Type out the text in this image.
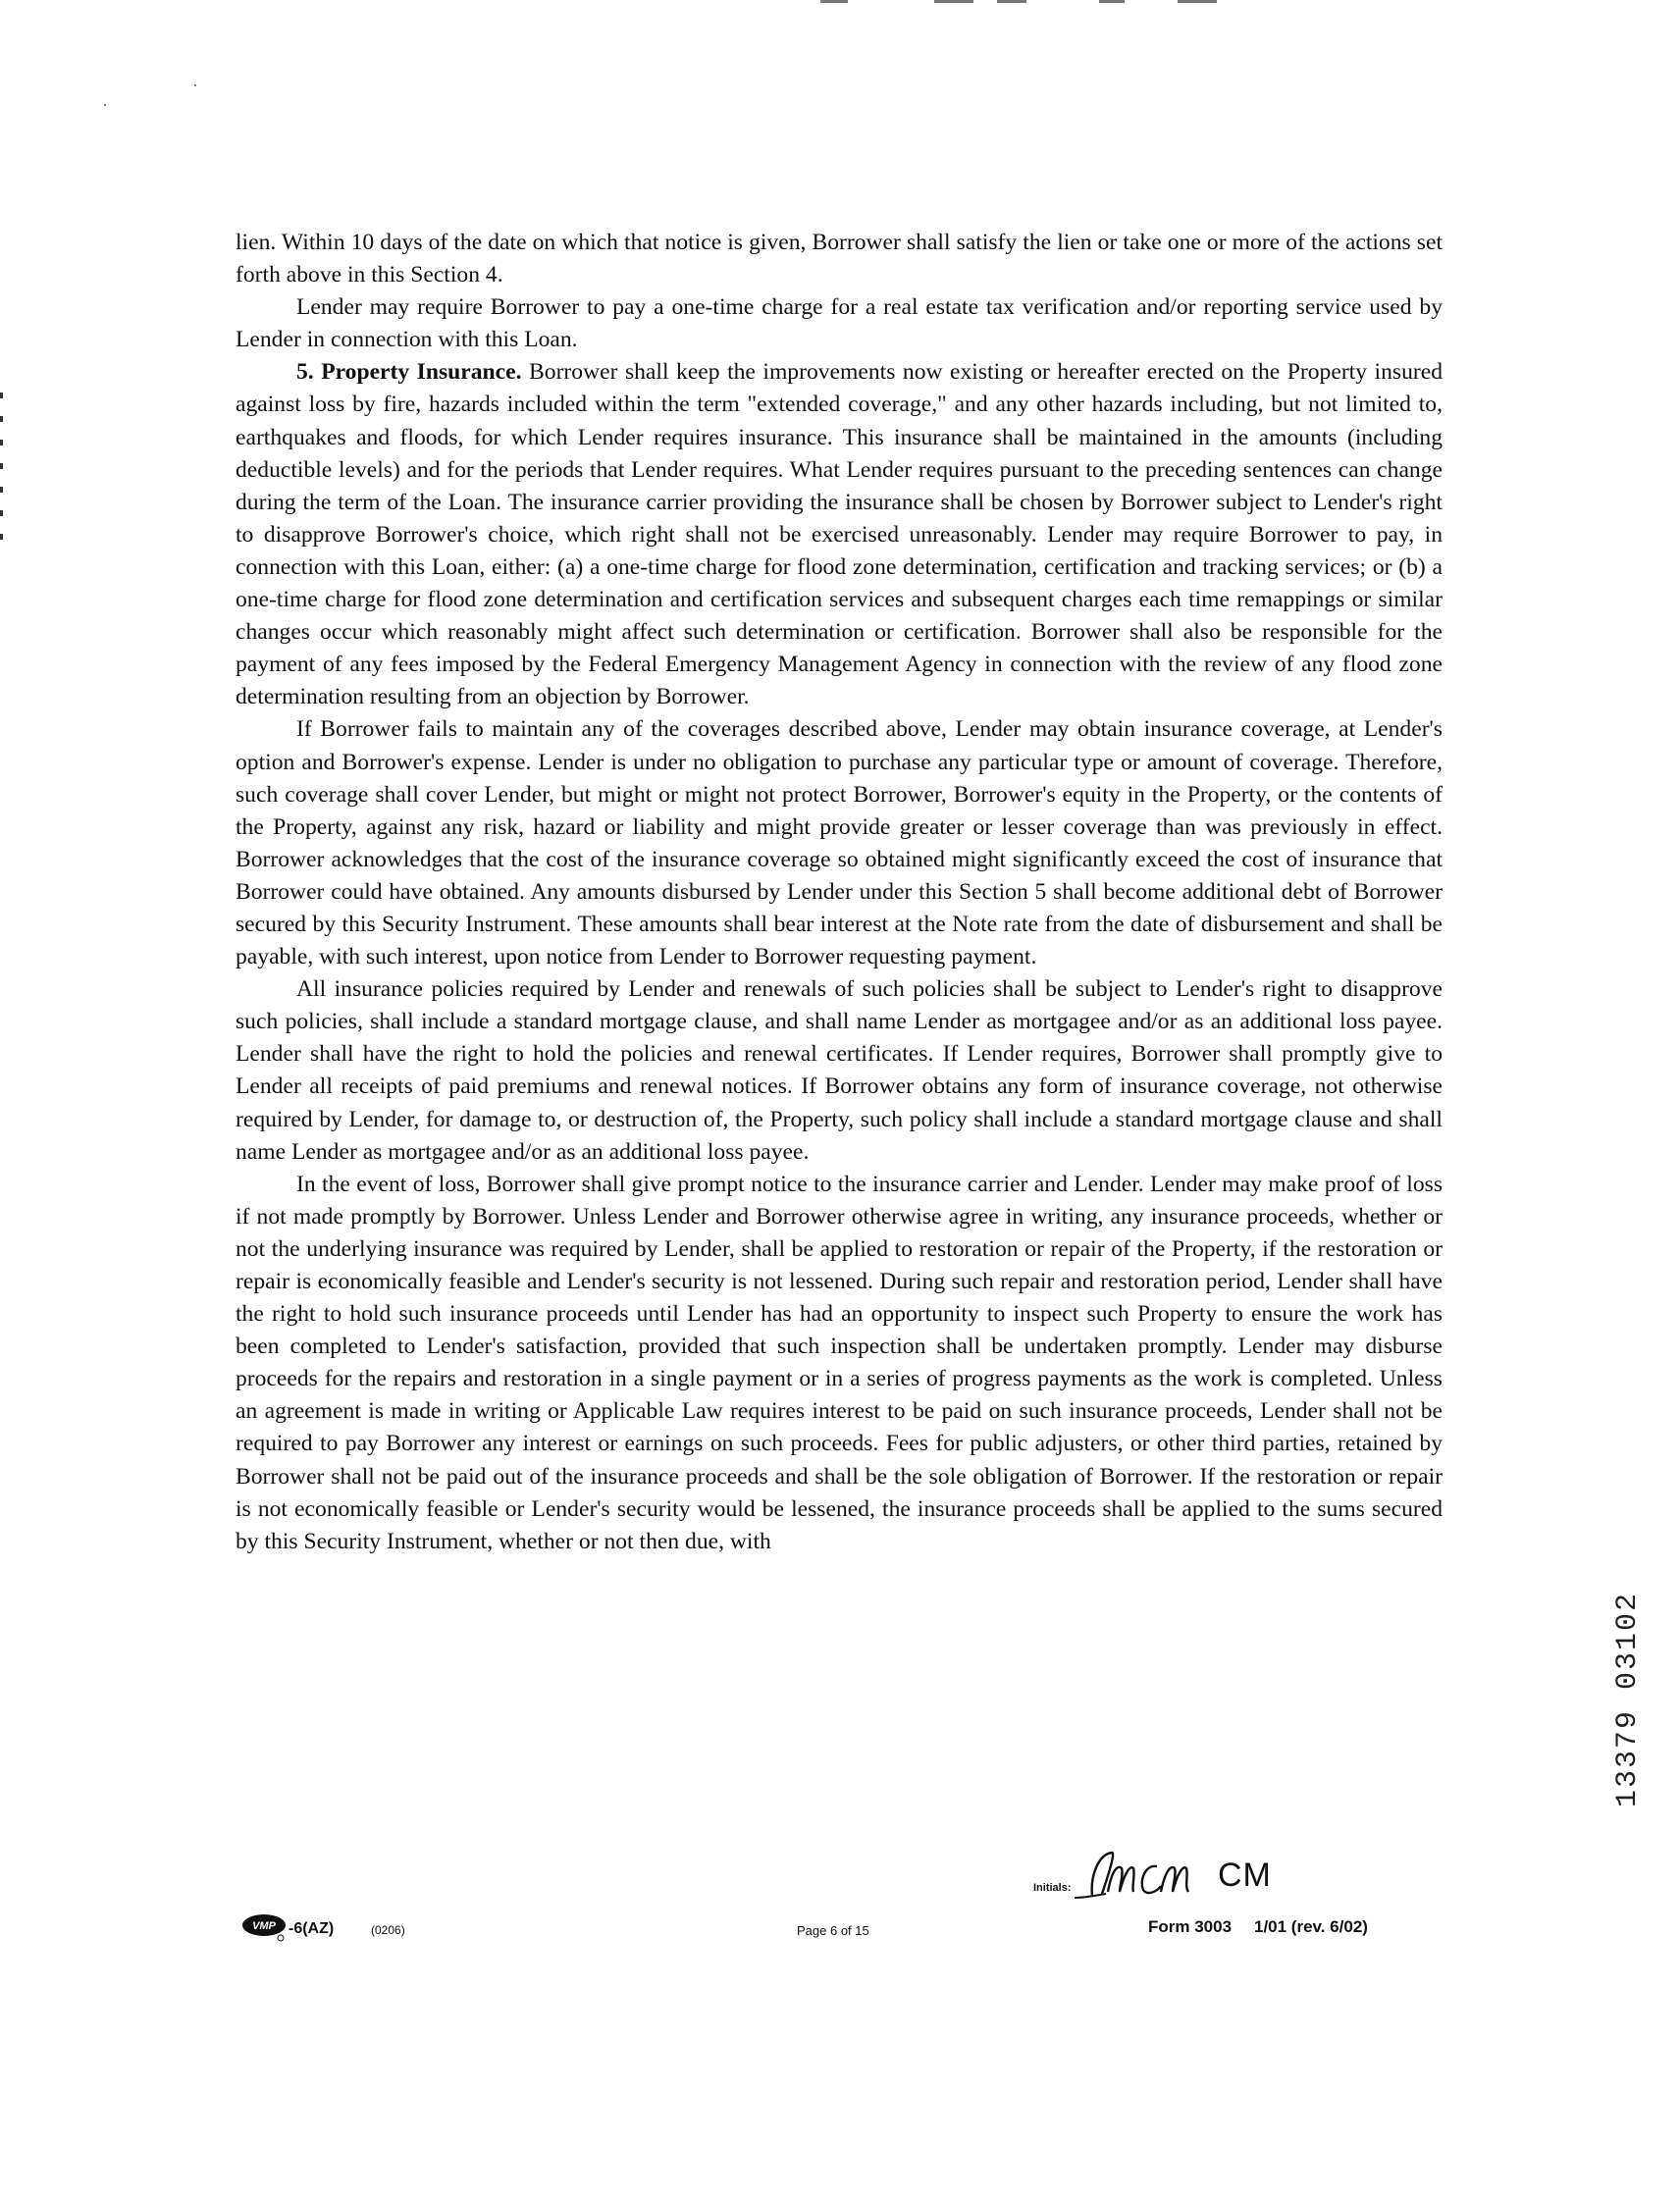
lien. Within 10 days of the date on which that notice is given, Borrower shall satisfy the lien or take one or more of the actions set forth above in this Section 4.

Lender may require Borrower to pay a one-time charge for a real estate tax verification and/or reporting service used by Lender in connection with this Loan.

5. Property Insurance. Borrower shall keep the improvements now existing or hereafter erected on the Property insured against loss by fire, hazards included within the term "extended coverage," and any other hazards including, but not limited to, earthquakes and floods, for which Lender requires insurance. This insurance shall be maintained in the amounts (including deductible levels) and for the periods that Lender requires. What Lender requires pursuant to the preceding sentences can change during the term of the Loan. The insurance carrier providing the insurance shall be chosen by Borrower subject to Lender's right to disapprove Borrower's choice, which right shall not be exercised unreasonably. Lender may require Borrower to pay, in connection with this Loan, either: (a) a one-time charge for flood zone determination, certification and tracking services; or (b) a one-time charge for flood zone determination and certification services and subsequent charges each time remappings or similar changes occur which reasonably might affect such determination or certification. Borrower shall also be responsible for the payment of any fees imposed by the Federal Emergency Management Agency in connection with the review of any flood zone determination resulting from an objection by Borrower.

If Borrower fails to maintain any of the coverages described above, Lender may obtain insurance coverage, at Lender's option and Borrower's expense. Lender is under no obligation to purchase any particular type or amount of coverage. Therefore, such coverage shall cover Lender, but might or might not protect Borrower, Borrower's equity in the Property, or the contents of the Property, against any risk, hazard or liability and might provide greater or lesser coverage than was previously in effect. Borrower acknowledges that the cost of the insurance coverage so obtained might significantly exceed the cost of insurance that Borrower could have obtained. Any amounts disbursed by Lender under this Section 5 shall become additional debt of Borrower secured by this Security Instrument. These amounts shall bear interest at the Note rate from the date of disbursement and shall be payable, with such interest, upon notice from Lender to Borrower requesting payment.

All insurance policies required by Lender and renewals of such policies shall be subject to Lender's right to disapprove such policies, shall include a standard mortgage clause, and shall name Lender as mortgagee and/or as an additional loss payee. Lender shall have the right to hold the policies and renewal certificates. If Lender requires, Borrower shall promptly give to Lender all receipts of paid premiums and renewal notices. If Borrower obtains any form of insurance coverage, not otherwise required by Lender, for damage to, or destruction of, the Property, such policy shall include a standard mortgage clause and shall name Lender as mortgagee and/or as an additional loss payee.

In the event of loss, Borrower shall give prompt notice to the insurance carrier and Lender. Lender may make proof of loss if not made promptly by Borrower. Unless Lender and Borrower otherwise agree in writing, any insurance proceeds, whether or not the underlying insurance was required by Lender, shall be applied to restoration or repair of the Property, if the restoration or repair is economically feasible and Lender's security is not lessened. During such repair and restoration period, Lender shall have the right to hold such insurance proceeds until Lender has had an opportunity to inspect such Property to ensure the work has been completed to Lender's satisfaction, provided that such inspection shall be undertaken promptly. Lender may disburse proceeds for the repairs and restoration in a single payment or in a series of progress payments as the work is completed. Unless an agreement is made in writing or Applicable Law requires interest to be paid on such insurance proceeds, Lender shall not be required to pay Borrower any interest or earnings on such proceeds. Fees for public adjusters, or other third parties, retained by Borrower shall not be paid out of the insurance proceeds and shall be the sole obligation of Borrower. If the restoration or repair is not economically feasible or Lender's security would be lessened, the insurance proceeds shall be applied to the sums secured by this Security Instrument, whether or not then due, with

13379 03102
Initials:	CM
VMP -6(AZ)	(0206)	Page 6 of 15	Form 3003 1/01 (rev. 6/02)
